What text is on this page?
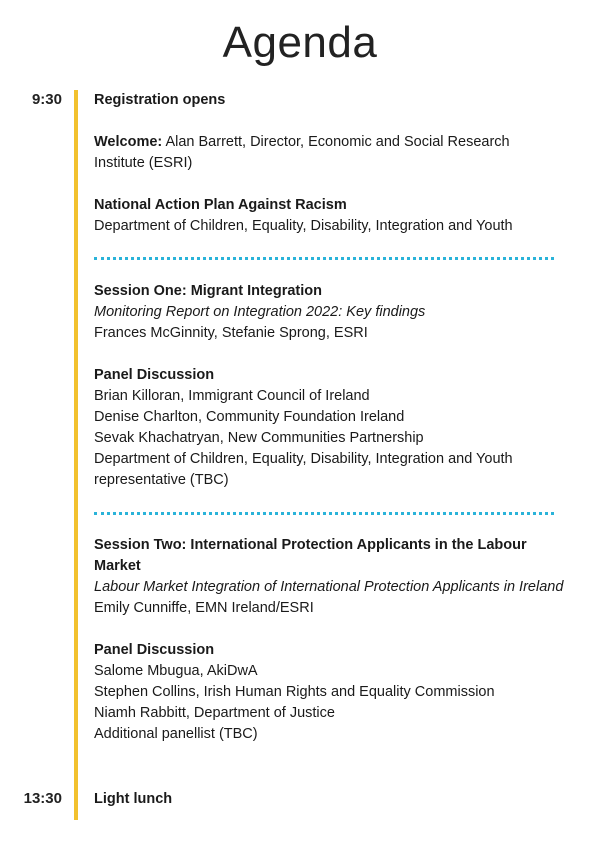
Agenda
9:30
13:30
Registration opens
Welcome: Alan Barrett, Director, Economic and Social Research Institute (ESRI)
National Action Plan Against Racism
Department of Children, Equality, Disability, Integration and Youth
Session One: Migrant Integration
Monitoring Report on Integration 2022: Key findings
Frances McGinnity, Stefanie Sprong, ESRI
Panel Discussion
Brian Killoran, Immigrant Council of Ireland
Denise Charlton, Community Foundation Ireland
Sevak Khachatryan, New Communities Partnership
Department of Children, Equality, Disability, Integration and Youth representative (TBC)
Session Two: International Protection Applicants in the Labour Market
Labour Market Integration of International Protection Applicants in Ireland
Emily Cunniffe, EMN Ireland/ESRI
Panel Discussion
Salome Mbugua, AkiDwA
Stephen Collins, Irish Human Rights and Equality Commission
Niamh Rabbitt, Department of Justice
Additional panellist (TBC)
Light lunch
